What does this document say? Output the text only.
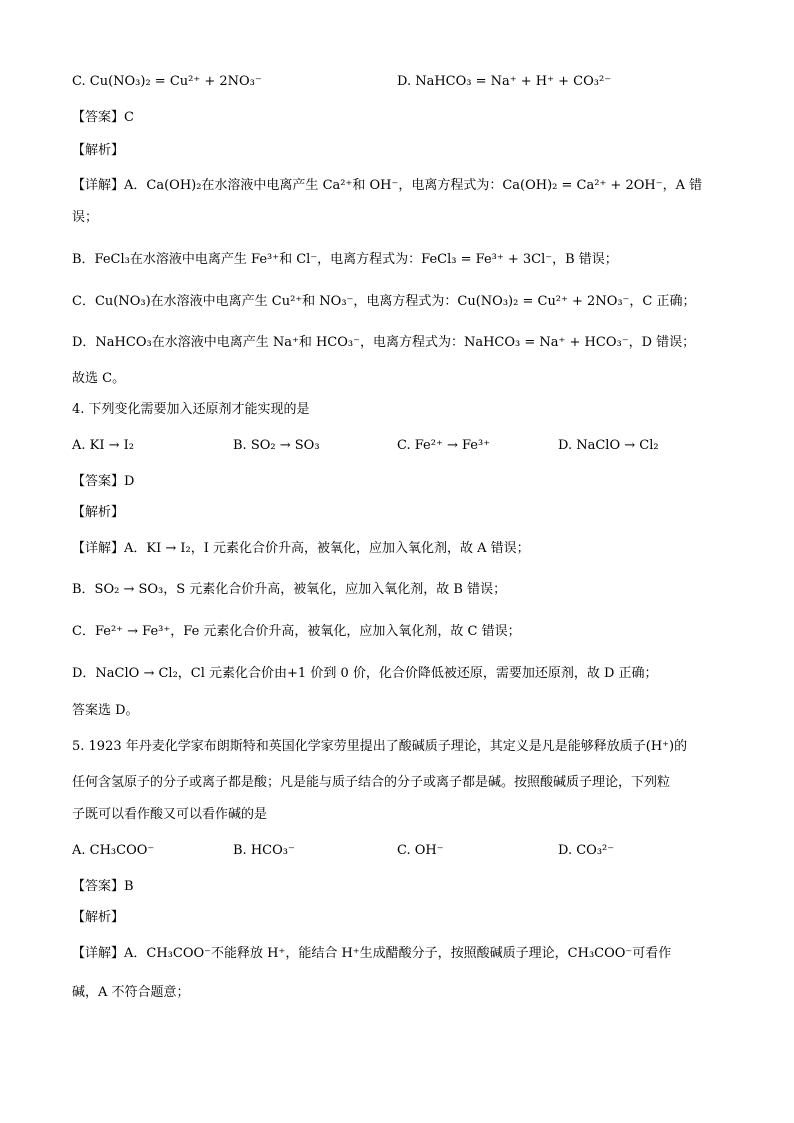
C. Cu(NO₃)₂ = Cu²⁺ + 2NO₃⁻	D. NaHCO₃ = Na⁺ + H⁺ + CO₃²⁻
【答案】C
【解析】
【详解】A．Ca(OH)₂在水溶液中电离产生 Ca²⁺和 OH⁻，电离方程式为：Ca(OH)₂ = Ca²⁺ + 2OH⁻，A 错
误；
B．FeCl₃在水溶液中电离产生 Fe³⁺和 Cl⁻，电离方程式为：FeCl₃ = Fe³⁺ + 3Cl⁻，B 错误；
C．Cu(NO₃)在水溶液中电离产生 Cu²⁺和 NO₃⁻，电离方程式为：Cu(NO₃)₂ = Cu²⁺ + 2NO₃⁻，C 正确；
D．NaHCO₃在水溶液中电离产生 Na⁺和 HCO₃⁻，电离方程式为：NaHCO₃ = Na⁺ + HCO₃⁻，D 错误；
故选 C。
4. 下列变化需要加入还原剂才能实现的是
A. KI → I₂	B. SO₂ → SO₃	C. Fe²⁺ → Fe³⁺	D. NaClO → Cl₂
【答案】D
【解析】
【详解】A．KI → I₂，I 元素化合价升高，被氧化，应加入氧化剂，故 A 错误；
B．SO₂ → SO₃，S 元素化合价升高，被氧化，应加入氧化剂，故 B 错误；
C．Fe²⁺ → Fe³⁺，Fe 元素化合价升高，被氧化，应加入氧化剂，故 C 错误；
D．NaClO → Cl₂，Cl 元素化合价由+1 价到 0 价，化合价降低被还原，需要加还原剂，故 D 正确；
答案选 D。
5. 1923 年丹麦化学家布朗斯特和英国化学家劳里提出了酸碱质子理论，其定义是凡是能够释放质子(H⁺)的
任何含氢原子的分子或离子都是酸；凡是能与质子结合的分子或离子都是碱。按照酸碱质子理论，下列粒
子既可以看作酸又可以看作碱的是
A. CH₃COO⁻	B. HCO₃⁻	C. OH⁻	D. CO₃²⁻
【答案】B
【解析】
【详解】A．CH₃COO⁻不能释放 H⁺，能结合 H⁺生成醋酸分子，按照酸碱质子理论，CH₃COO⁻可看作
碱，A 不符合题意；
